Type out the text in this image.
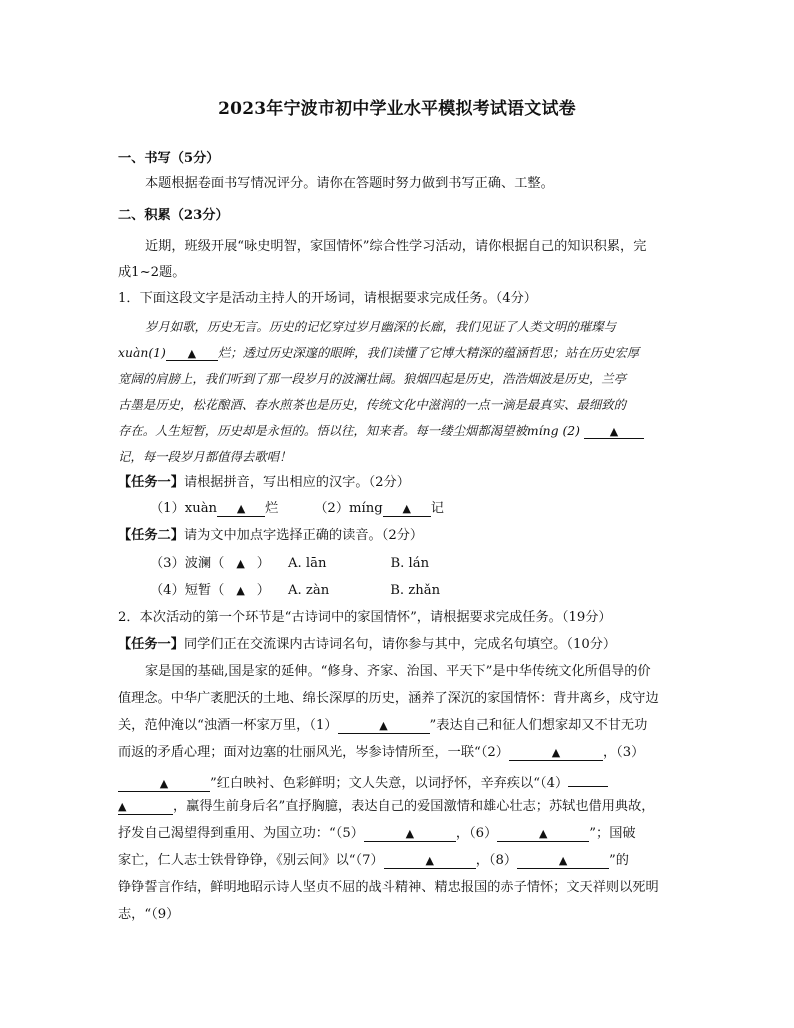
2023年宁波市初中学业水平模拟考试语文试卷
一、书写（5分）
本题根据卷面书写情况评分。请你在答题时努力做到书写正确、工整。
二、积累（23分）
近期，班级开展“咏史明智，家国情怀”综合性学习活动，请你根据自己的知识积累，完
成1~2题。
1．下面这段文字是活动主持人的开场词，请根据要求完成任务。（4分）
岁月如歌，历史无言。历史的记忆穿过岁月幽深的长廊，我们见证了人类文明的璀璨与
xuàn(1) ▲ 烂；透过历史深邃的眼眸，我们读懂了它博大精深的蕴涵哲思；站在历史宏厚
宽阔的肩膀上，我们听到了那一段岁月的波澜壮阔。狼烟四起是历史，浩浩烟波是历史，兰亭
古墨是历史，松花酿酒、春水煎茶也是历史，传统文化中滋润的一点一滴是最真实、最细致的
存在。人生短暂，历史却是永恒的。悟以往，知来者。每一缕尘烟都渴望被míng (2)	▲
记，每一段岁月都值得去歌唱！
【任务一】请根据拼音，写出相应的汉字。（2分）
（1）xuàn ▲ 烂	（2）míng ▲ 记
【任务二】请为文中加点字选择正确的读音。（2分）
（3）波澜（ ▲ ） A. lān	B. lán
（4）短暂（ ▲ ） A. zàn	B. zhǎn
2．本次活动的第一个环节是“古诗词中的家国情怀”，请根据要求完成任务。（19分）
【任务一】同学们正在交流课内古诗词名句，请你参与其中，完成名句填空。（10分）
家是国的基础,国是家的延伸。“修身、齐家、治国、平天下”是中华传统文化所倡导的价
值理念。中华广袤肥沃的土地、绵长深厚的历史，涵养了深沉的家国情怀：背井离乡，戍守边
关，范仲淹以“浊酒一杯家万里，（1）	▲	”表达自己和征人们想家却又不甘无功
而返的矛盾心理；面对边塞的壮丽风光，岑参诗情所至，一联“（2）	▲	，（3）
▲	”红白映衬、色彩鲜明；文人失意，以词抒怀，辛弃疾以“（4）
▲	，赢得生前身后名”直抒胸臆，表达自己的爱国激情和雄心壮志；苏轼也借用典故，
抒发自己渴望得到重用、为国立功：“（5）	▲	，（6）	▲	”；国破
家亡，仁人志士铁骨铮铮，《别云间》以“（7）	▲	，（8）	▲	”的
铮铮誓言作结，鲜明地昭示诗人坚贞不屈的战斗精神、精忠报国的赤子情怀；文天祥则以死明
志，“（9）
